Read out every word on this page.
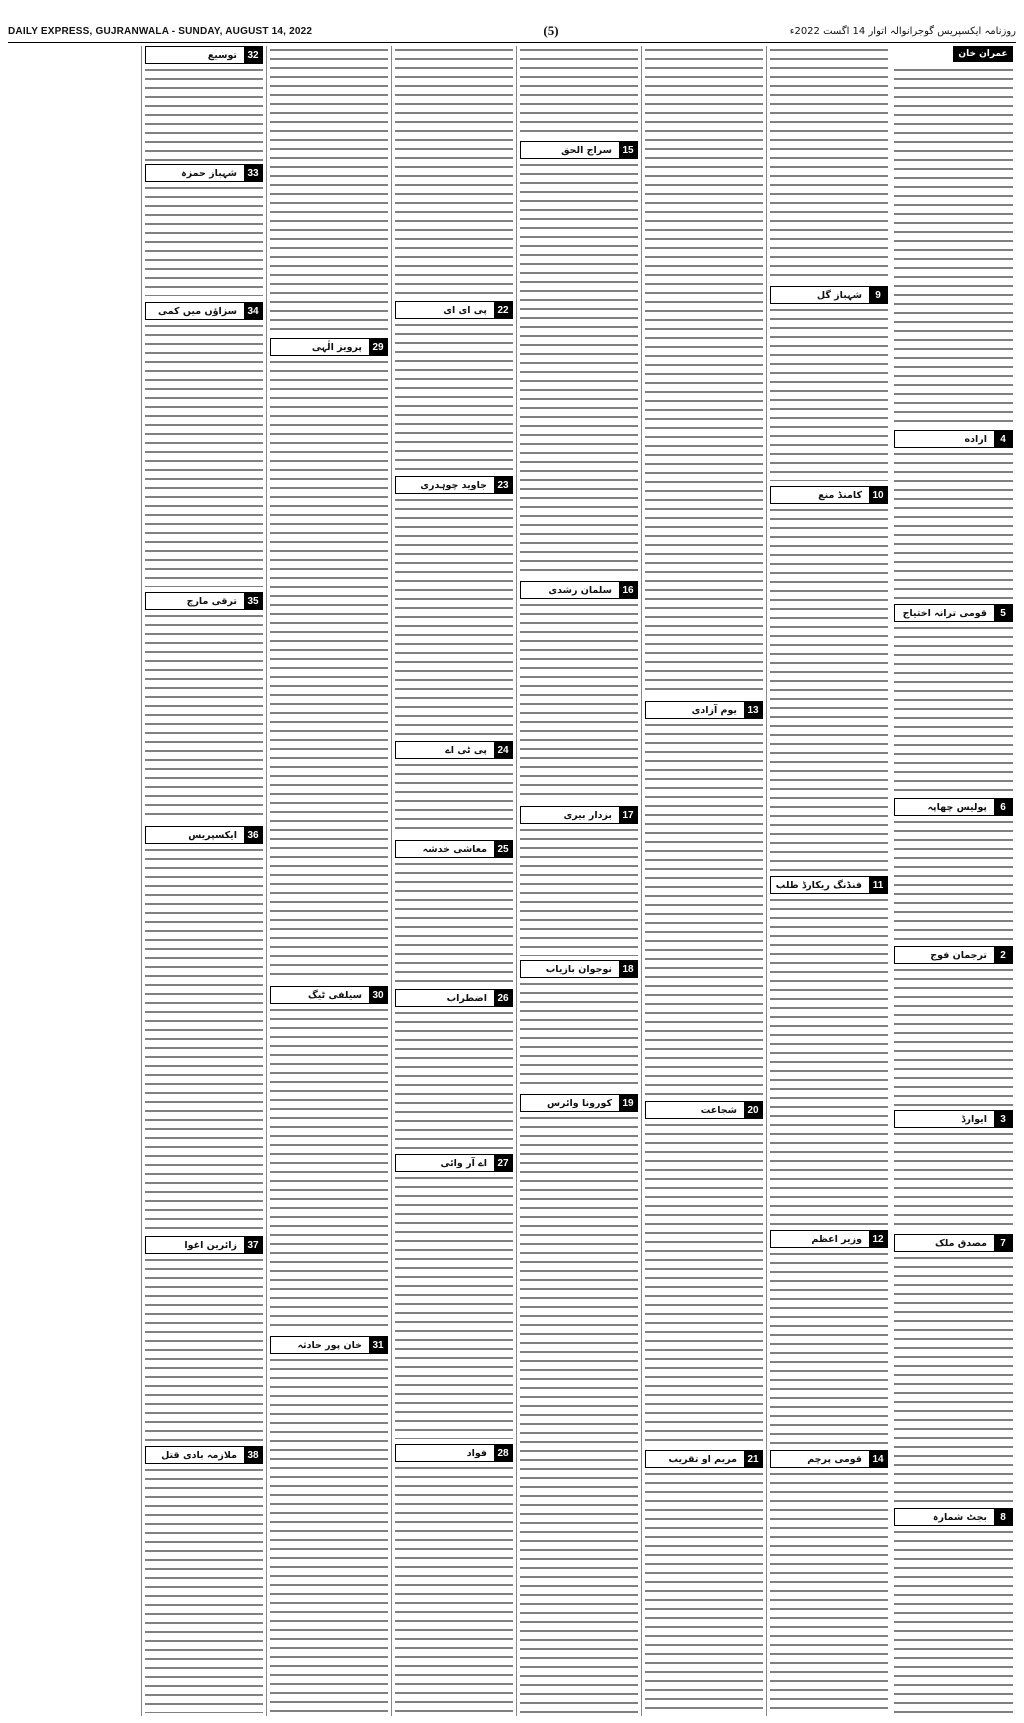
DAILY EXPRESS, GUJRANWALA - SUNDAY, AUGUST 14, 2022	(5)	روزنامہ ایکسپریس گوجرانوالہ اتوار 14 اگست 2022ء
عمران خان
4
اراده
5
قومی ترانہ اختیاج
6
پولیس چھاپہ
2
ترجمان فوج
3
ایوارڈ
7
مصدق ملک
8
بجٹ شمارہ
9
شہباز گل
10
کامنڈ منع
11
فنڈنگ ریکارڈ طلب
12
وزیر اعظم
14
قومی پرچم
13
یوم آزادی
20
شجاعت
21
مریم او تقریب
15
سراج الحق
16
سلمان رشدی
17
بزدار بیری
18
نوجوان بازیاب
19
کورونا وائرس
22
پی ای ای
23
جاوید چوہدری
24
پی ٹی اے
25
معاشی خدشہ
26
اضطراب
27
اے آر وائی
28
فواد
29
پرویز الٰہی
30
سیلفی ٹیگ
31
خان پور حادثہ
32
توسیع
33
شہباز حمزہ
34
سزاؤں میں کمی
35
ترقی مارچ
36
ایکسپریس
37
زائرین اغوا
38
ملازمہ بادی قتل
